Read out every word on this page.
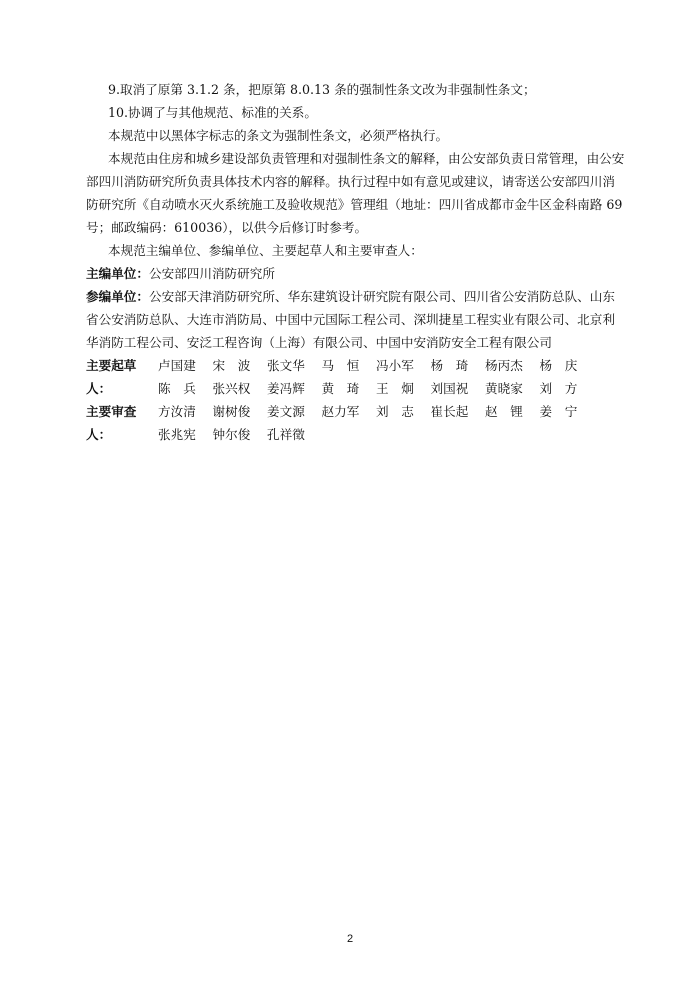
9.取消了原第 3.1.2 条，把原第 8.0.13 条的强制性条文改为非强制性条文；

10.协调了与其他规范、标准的关系。

本规范中以黑体字标志的条文为强制性条文，必须严格执行。

本规范由住房和城乡建设部负责管理和对强制性条文的解释，由公安部负责日常管理，由公安部四川消防研究所负责具体技术内容的解释。执行过程中如有意见或建议，请寄送公安部四川消防研究所《自动喷水灭火系统施工及验收规范》管理组（地址：四川省成都市金牛区金科南路 69 号；邮政编码：610036），以供今后修订时参考。

本规范主编单位、参编单位、主要起草人和主要审查人：

主编单位：公安部四川消防研究所

参编单位：公安部天津消防研究所、华东建筑设计研究院有限公司、四川省公安消防总队、山东省公安消防总队、大连市消防局、中国中元国际工程公司、深圳捷星工程实业有限公司、北京利华消防工程公司、安泛工程咨询（上海）有限公司、中国中安消防安全工程有限公司

主要起草人：
卢国建	宋　波	张文华	马　恒	冯小军	杨　琦	杨丙杰	杨　庆
陈　兵	张兴权	姜冯辉	黄　琦	王　炯	刘国祝	黄晓家	刘　方
主要审查人：
方汝清	谢树俊	姜文源	赵力军	刘　志	崔长起	赵　锂	姜　宁
张兆宪	钟尔俊	孔祥徵
2
